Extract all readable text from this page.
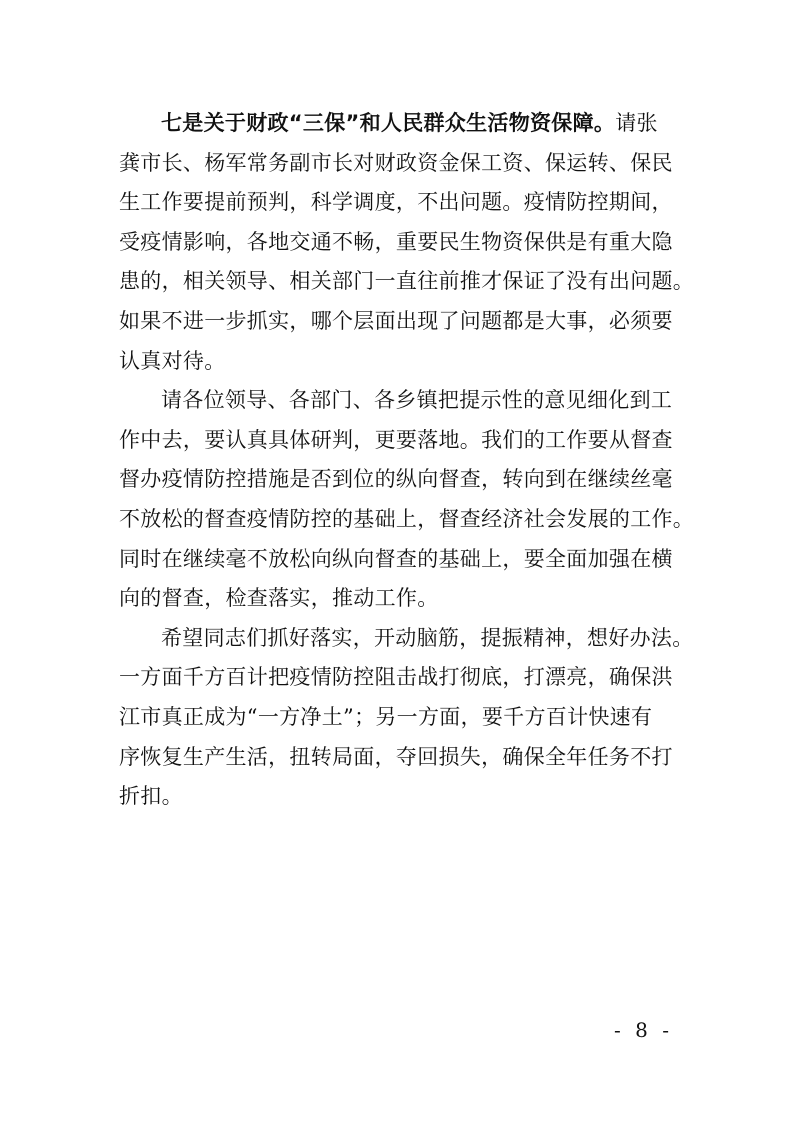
七是关于财政“三保”和人民群众生活物资保障。请张
龚市长、杨军常务副市长对财政资金保工资、保运转、保民
生工作要提前预判，科学调度，不出问题。疫情防控期间，
受疫情影响，各地交通不畅，重要民生物资保供是有重大隐
患的，相关领导、相关部门一直往前推才保证了没有出问题。
如果不进一步抓实，哪个层面出现了问题都是大事，必须要
认真对待。
请各位领导、各部门、各乡镇把提示性的意见细化到工
作中去，要认真具体研判，更要落地。我们的工作要从督查
督办疫情防控措施是否到位的纵向督查，转向到在继续丝毫
不放松的督查疫情防控的基础上，督查经济社会发展的工作。
同时在继续毫不放松向纵向督查的基础上，要全面加强在横
向的督查，检查落实，推动工作。
希望同志们抓好落实，开动脑筋，提振精神，想好办法。
一方面千方百计把疫情防控阻击战打彻底，打漂亮，确保洪
江市真正成为“一方净土”；另一方面，要千方百计快速有
序恢复生产生活，扭转局面，夺回损失，确保全年任务不打
折扣。
- 8 -
